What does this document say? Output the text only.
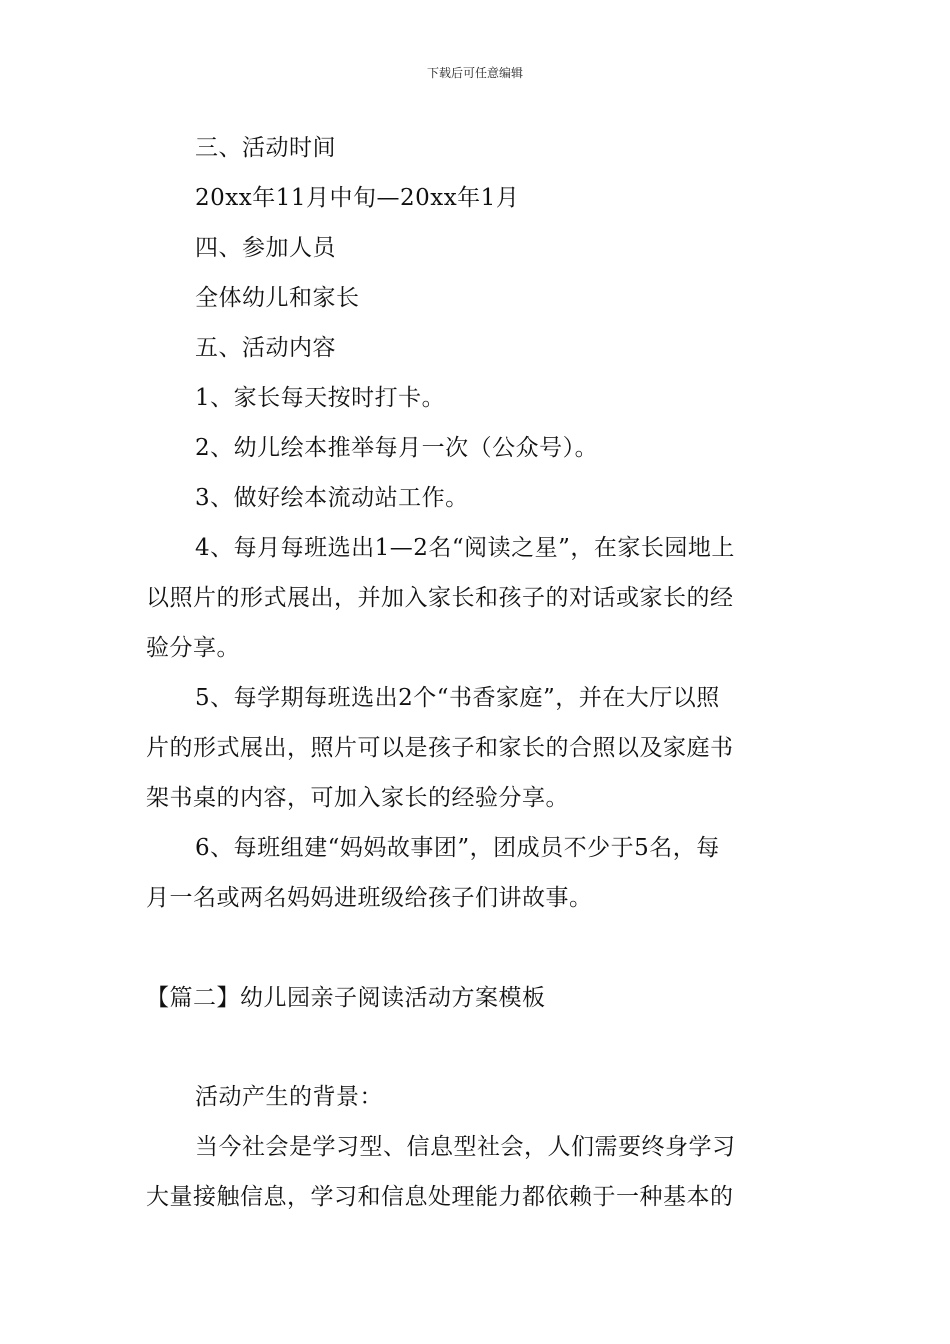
下载后可任意编辑
三、活动时间
20xx年11月中旬—20xx年1月
四、参加人员
全体幼儿和家长
五、活动内容
1、家长每天按时打卡。
2、幼儿绘本推举每月一次（公众号）。
3、做好绘本流动站工作。
4、每月每班选出1—2名“阅读之星”，在家长园地上
以照片的形式展出，并加入家长和孩子的对话或家长的经
验分享。
5、每学期每班选出2个“书香家庭”，并在大厅以照
片的形式展出，照片可以是孩子和家长的合照以及家庭书
架书桌的内容，可加入家长的经验分享。
6、每班组建“妈妈故事团”，团成员不少于5名，每
月一名或两名妈妈进班级给孩子们讲故事。
【篇二】幼儿园亲子阅读活动方案模板
活动产生的背景：
当今社会是学习型、信息型社会，人们需要终身学习
大量接触信息，学习和信息处理能力都依赖于一种基本的
